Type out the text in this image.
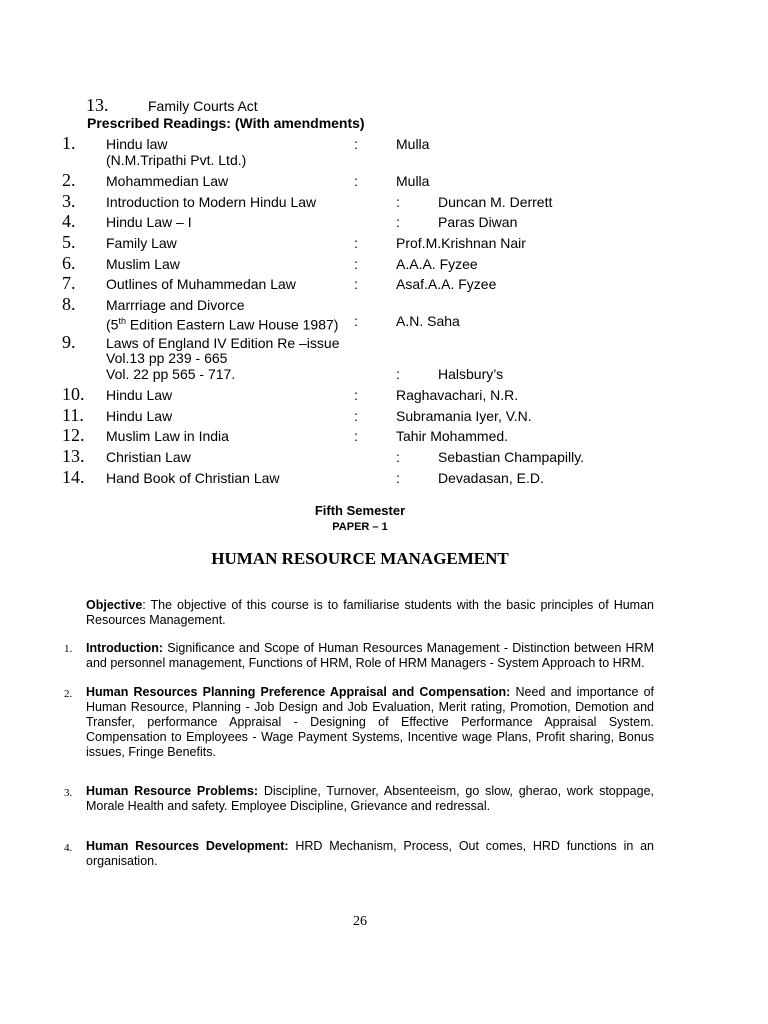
13.	Family Courts Act
Prescribed Readings: (With amendments)
1. Hindu law
(N.M.Tripathi Pvt. Ltd.)
:	Mulla
2. Mohammedian Law	:	Mulla
3. Introduction to Modern Hindu Law	:	Duncan M. Derrett
4. Hindu Law – I	:	Paras Diwan
5. Family Law	:	Prof.M.Krishnan Nair
6. Muslim Law	:	A.A.A. Fyzee
7. Outlines of Muhammedan Law	:	Asaf.A.A. Fyzee
8. Marrriage and Divorce
(5th Edition Eastern Law House 1987) :	A.N. Saha
9. Laws of England IV Edition Re –issue
Vol.13 pp 239 - 665
Vol. 22 pp 565 - 717.	:	Halsbury’s
10. Hindu Law	:	Raghavachari, N.R.
11. Hindu Law	:	Subramania Iyer, V.N.
12. Muslim Law in India	:	Tahir Mohammed.
13. Christian Law	:	Sebastian Champapilly.
14. Hand Book of Christian Law	:	Devadasan, E.D.
Fifth Semester
PAPER – 1
HUMAN RESOURCE MANAGEMENT
Objective: The objective of this course is to familiarise students with the basic principles of Human Resources Management.
1. Introduction: Significance and Scope of Human Resources Management - Distinction between HRM and personnel management, Functions of HRM, Role of HRM Managers - System Approach to HRM.
2. Human Resources Planning Preference Appraisal and Compensation: Need and importance of Human Resource, Planning - Job Design and Job Evaluation, Merit rating, Promotion, Demotion and Transfer, performance Appraisal - Designing of Effective Performance Appraisal System. Compensation to Employees - Wage Payment Systems, Incentive wage Plans, Profit sharing, Bonus issues, Fringe Benefits.
3. Human Resource Problems: Discipline, Turnover, Absenteeism, go slow, gherao, work stoppage, Morale Health and safety. Employee Discipline, Grievance and redressal.
4. Human Resources Development: HRD Mechanism, Process, Out comes, HRD functions in an organisation.
26
